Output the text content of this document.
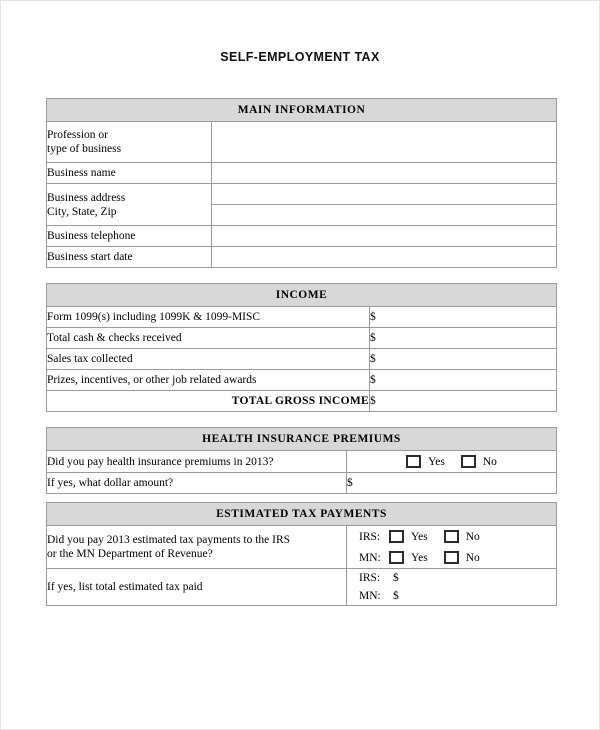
SELF-EMPLOYMENT TAX
MAIN INFORMATION	
Profession or
type of business	
Business name	
Business address
City, State, Zip	

Business telephone	
Business start date	
INCOME	
Form 1099(s) including 1099K & 1099-MISC	$
Total cash & checks received	$
Sales tax collected	$
Prizes, incentives, or other job related awards	$
TOTAL GROSS INCOME	$
HEALTH INSURANCE PREMIUMS	
Did you pay health insurance premiums in 2013?	Yes No

If yes, what dollar amount?	$
ESTIMATED TAX PAYMENTS	
Did you pay 2013 estimated tax payments to the IRS
or the MN Department of Revenue?	
IRS:	Yes	No
MN:	Yes	No

If yes, list total estimated tax paid	IRS: $
MN: $
